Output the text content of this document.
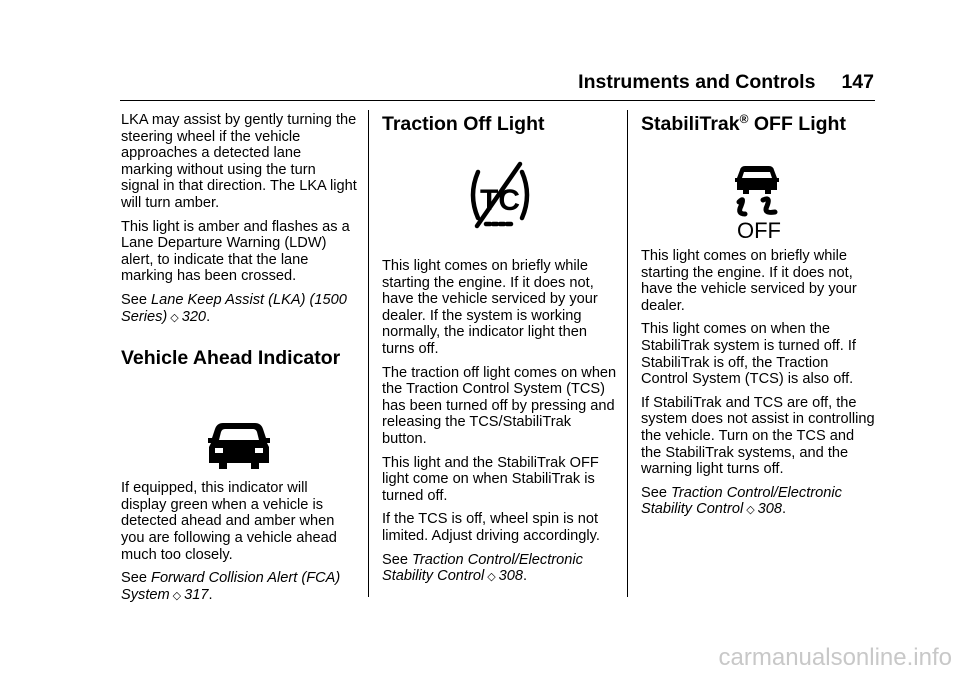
Instruments and Controls 147

LKA may assist by gently turning the steering wheel if the vehicle approaches a detected lane marking without using the turn signal in that direction. The LKA light will turn amber.

This light is amber and flashes as a Lane Departure Warning (LDW) alert, to indicate that the lane marking has been crossed.

See Lane Keep Assist (LKA) (1500
Series) ◇ 320.

Vehicle Ahead Indicator

If equipped, this indicator will display green when a vehicle is detected ahead and amber when you are following a vehicle ahead much too closely.

See Forward Collision Alert (FCA)
System ◇ 317.

Traction Off Light
TC

This light comes on briefly while starting the engine. If it does not, have the vehicle serviced by your dealer. If the system is working normally, the indicator light then turns off.

The traction off light comes on when the Traction Control System (TCS) has been turned off by pressing and releasing the TCS/StabiliTrak button.

This light and the StabiliTrak OFF light come on when StabiliTrak is turned off.

If the TCS is off, wheel spin is not limited. Adjust driving accordingly.

See Traction Control/Electronic
Stability Control ◇ 308.

StabiliTrak® OFF Light
OFF

This light comes on briefly while starting the engine. If it does not, have the vehicle serviced by your dealer.

This light comes on when the StabiliTrak system is turned off. If StabiliTrak is off, the Traction Control System (TCS) is also off.

If StabiliTrak and TCS are off, the system does not assist in controlling the vehicle. Turn on the TCS and the StabiliTrak systems, and the warning light turns off.

See Traction Control/Electronic
Stability Control ◇ 308.

carmanualsonline.info
